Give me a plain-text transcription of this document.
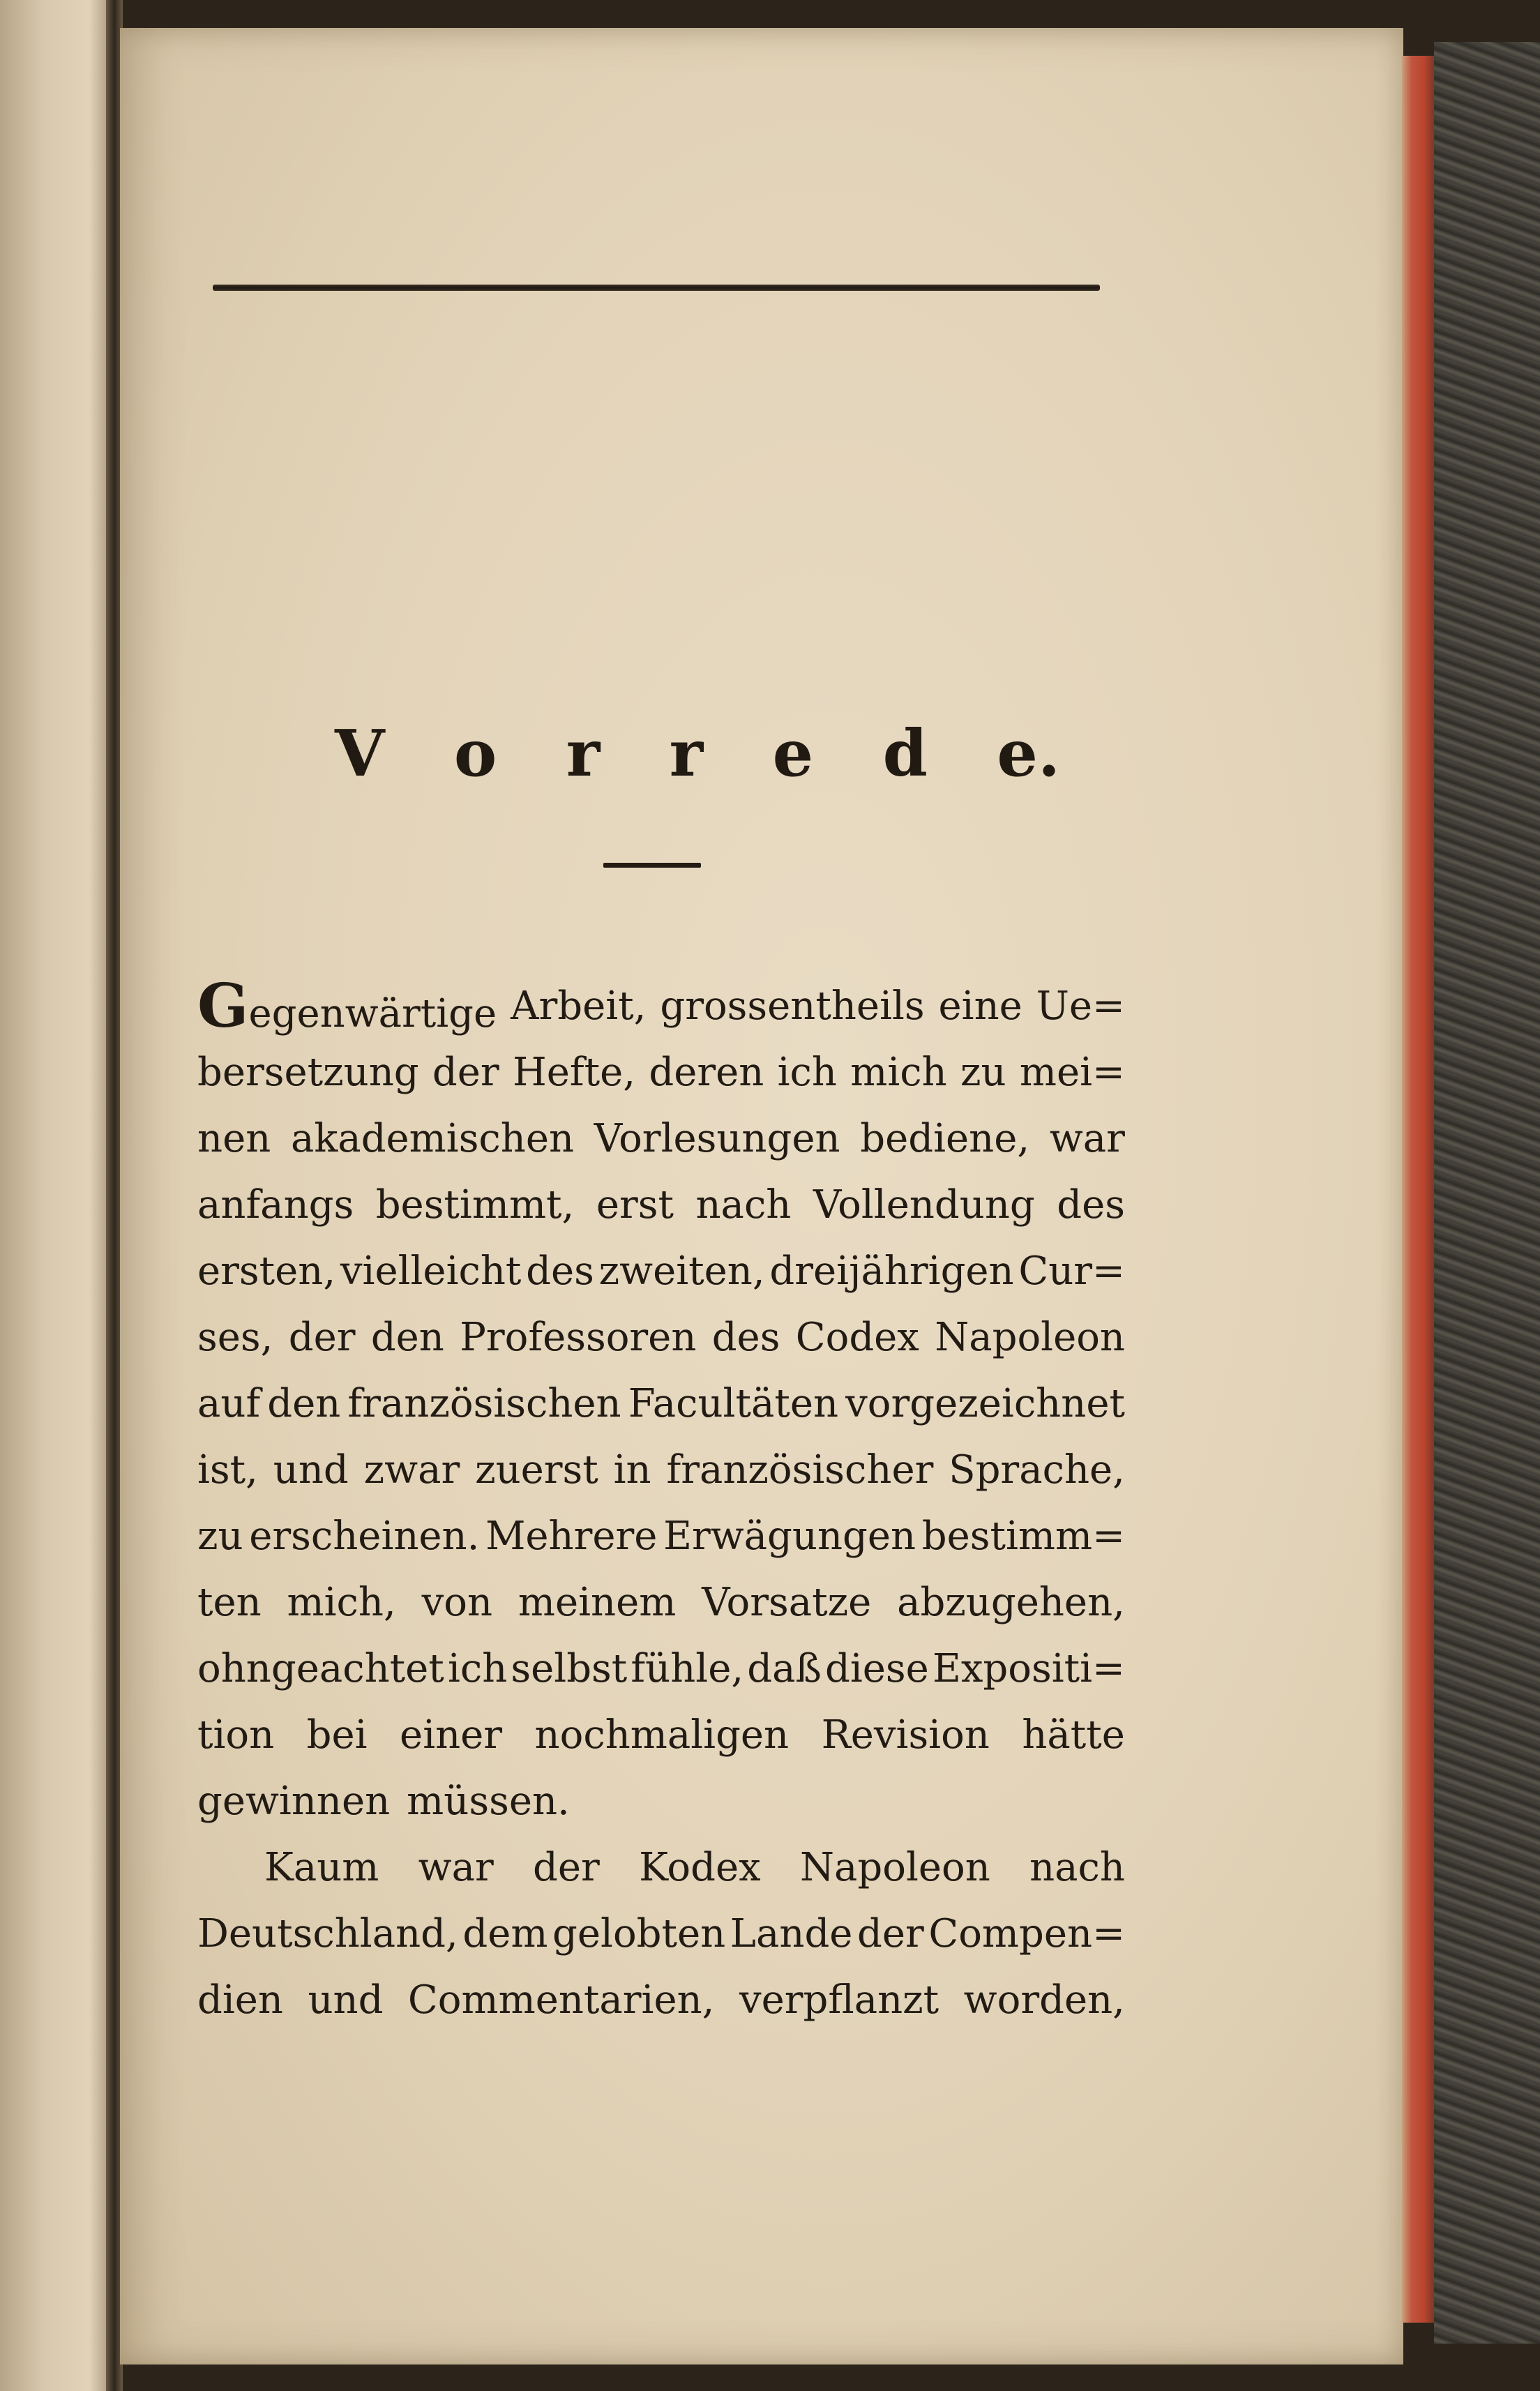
V o r r e d e.
Gegenwärtige Arbeit, grossentheils eine Ue=
bersetzung der Hefte, deren ich mich zu mei=
nen akademischen Vorlesungen bediene, war
anfangs bestimmt, erst nach Vollendung des
ersten, vielleicht des zweiten, dreijährigen Cur=
ses, der den Professoren des Codex Napoleon
auf den französischen Facultäten vorgezeichnet
ist, und zwar zuerst in französischer Sprache,
zu erscheinen. Mehrere Erwägungen bestimm=
ten mich, von meinem Vorsatze abzugehen,
ohngeachtet ich selbst fühle, daß diese Expositi=
tion bei einer nochmaligen Revision hätte
gewinnen müssen.
Kaum war der Kodex Napoleon nach
Deutschland, dem gelobten Lande der Compen=
dien und Commentarien, verpflanzt worden,
